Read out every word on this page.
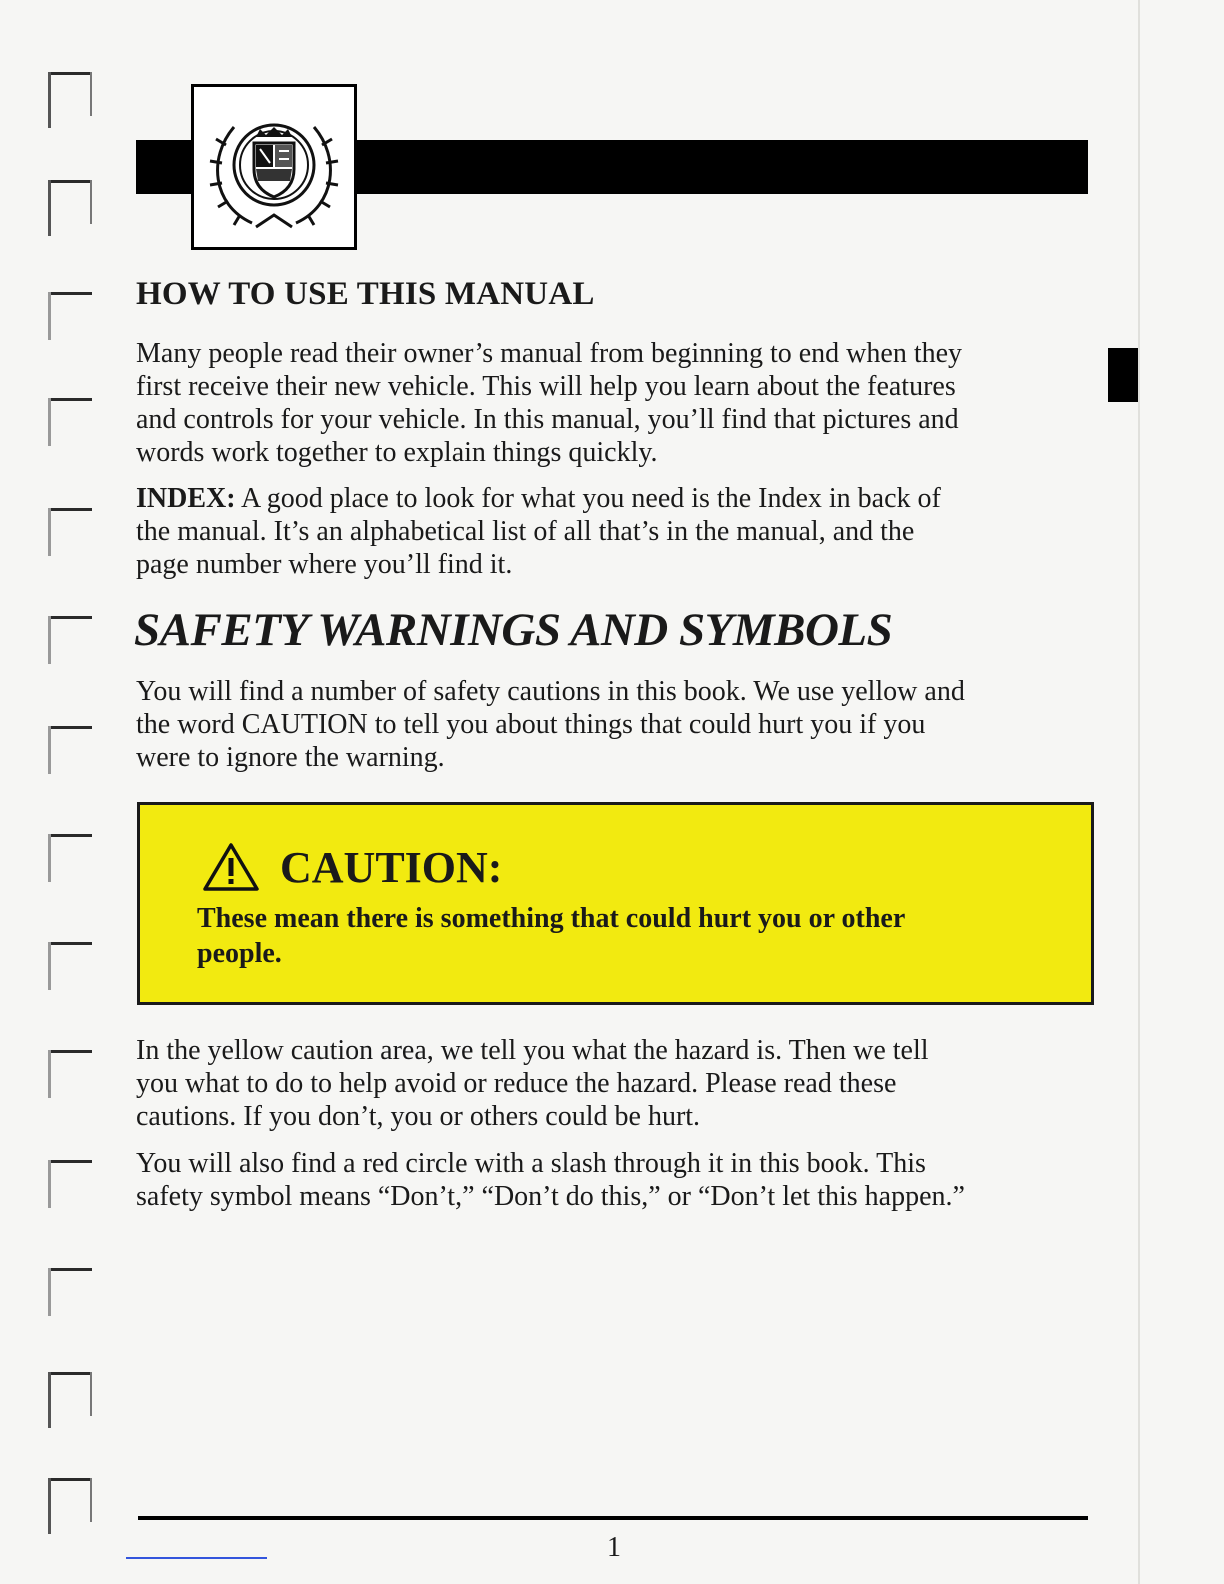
HOW TO USE THIS MANUAL

Many people read their owner’s manual from beginning to end when they
first receive their new vehicle. This will help you learn about the features
and controls for your vehicle. In this manual, you’ll find that pictures and
words work together to explain things quickly.

INDEX: A good place to look for what you need is the Index in back of
the manual. It’s an alphabetical list of all that’s in the manual, and the
page number where you’ll find it.

SAFETY WARNINGS AND SYMBOLS

You will find a number of safety cautions in this book. We use yellow and
the word CAUTION to tell you about things that could hurt you if you
were to ignore the warning.

CAUTION:

These mean there is something that could hurt you or other
people.

In the yellow caution area, we tell you what the hazard is. Then we tell
you what to do to help avoid or reduce the hazard. Please read these
cautions. If you don’t, you or others could be hurt.

You will also find a red circle with a slash through it in this book. This
safety symbol means “Don’t,” “Don’t do this,” or “Don’t let this happen.”

1
